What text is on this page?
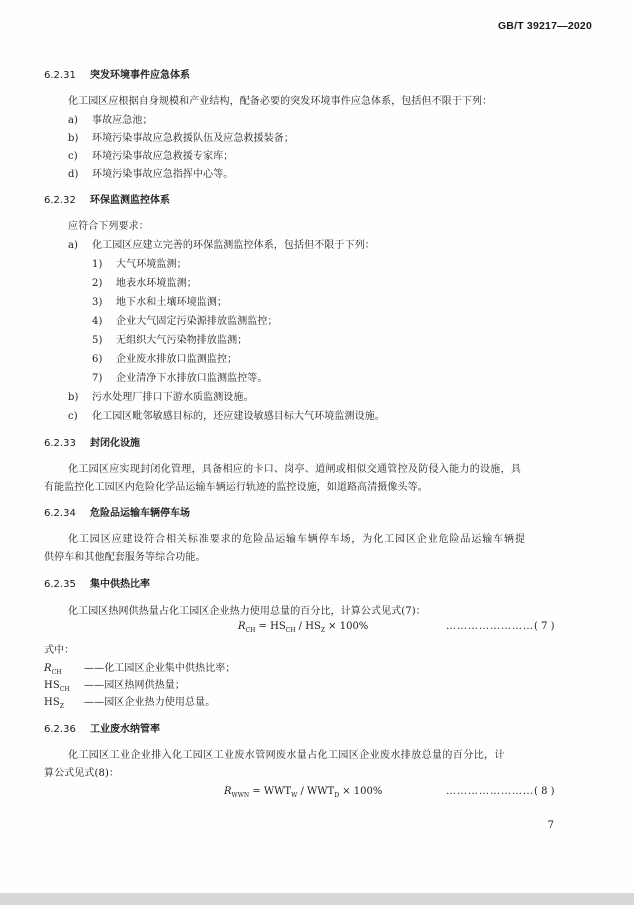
GB/T 39217—2020
6.2.31 突发环境事件应急体系
化工园区应根据自身规模和产业结构，配备必要的突发环境事件应急体系，包括但不限于下列：
a) 事故应急池；
b) 环境污染事故应急救援队伍及应急救援装备；
c) 环境污染事故应急救援专家库；
d) 环境污染事故应急指挥中心等。
6.2.32 环保监测监控体系
应符合下列要求：
a) 化工园区应建立完善的环保监测监控体系，包括但不限于下列：
1) 大气环境监测；
2) 地表水环境监测；
3) 地下水和土壤环境监测；
4) 企业大气固定污染源排放监测监控；
5) 无组织大气污染物排放监测；
6) 企业废水排放口监测监控；
7) 企业清净下水排放口监测监控等。
b) 污水处理厂排口下游水质监测设施。
c) 化工园区毗邻敏感目标的，还应建设敏感目标大气环境监测设施。
6.2.33 封闭化设施
化工园区应实现封闭化管理，具备相应的卡口、岗亭、道闸或相似交通管控及防侵入能力的设施，具
有能监控化工园区内危险化学品运输车辆运行轨迹的监控设施，如道路高清摄像头等。
6.2.34 危险品运输车辆停车场
化工园区应建设符合相关标准要求的危险品运输车辆停车场，为化工园区企业危险品运输车辆提
供停车和其他配套服务等综合功能。
6.2.35 集中供热比率
化工园区热网供热量占化工园区企业热力使用总量的百分比，计算公式见式(7)：
$R_{CH} = HS_{CH} / HS_Z \times 100\%$	……………………( 7 )
式中：
$R_{CH}$ ——化工园区企业集中供热比率；
$HS_{CH}$ ——园区热网供热量；
$HS_Z$ ——园区企业热力使用总量。
6.2.36 工业废水纳管率
化工园区工业企业排入化工园区工业废水管网废水量占化工园区企业废水排放总量的百分比，计
算公式见式(8)：
$R_{WWN} = WWT_W / WWT_D \times 100\%$	……………………( 8 )
7
